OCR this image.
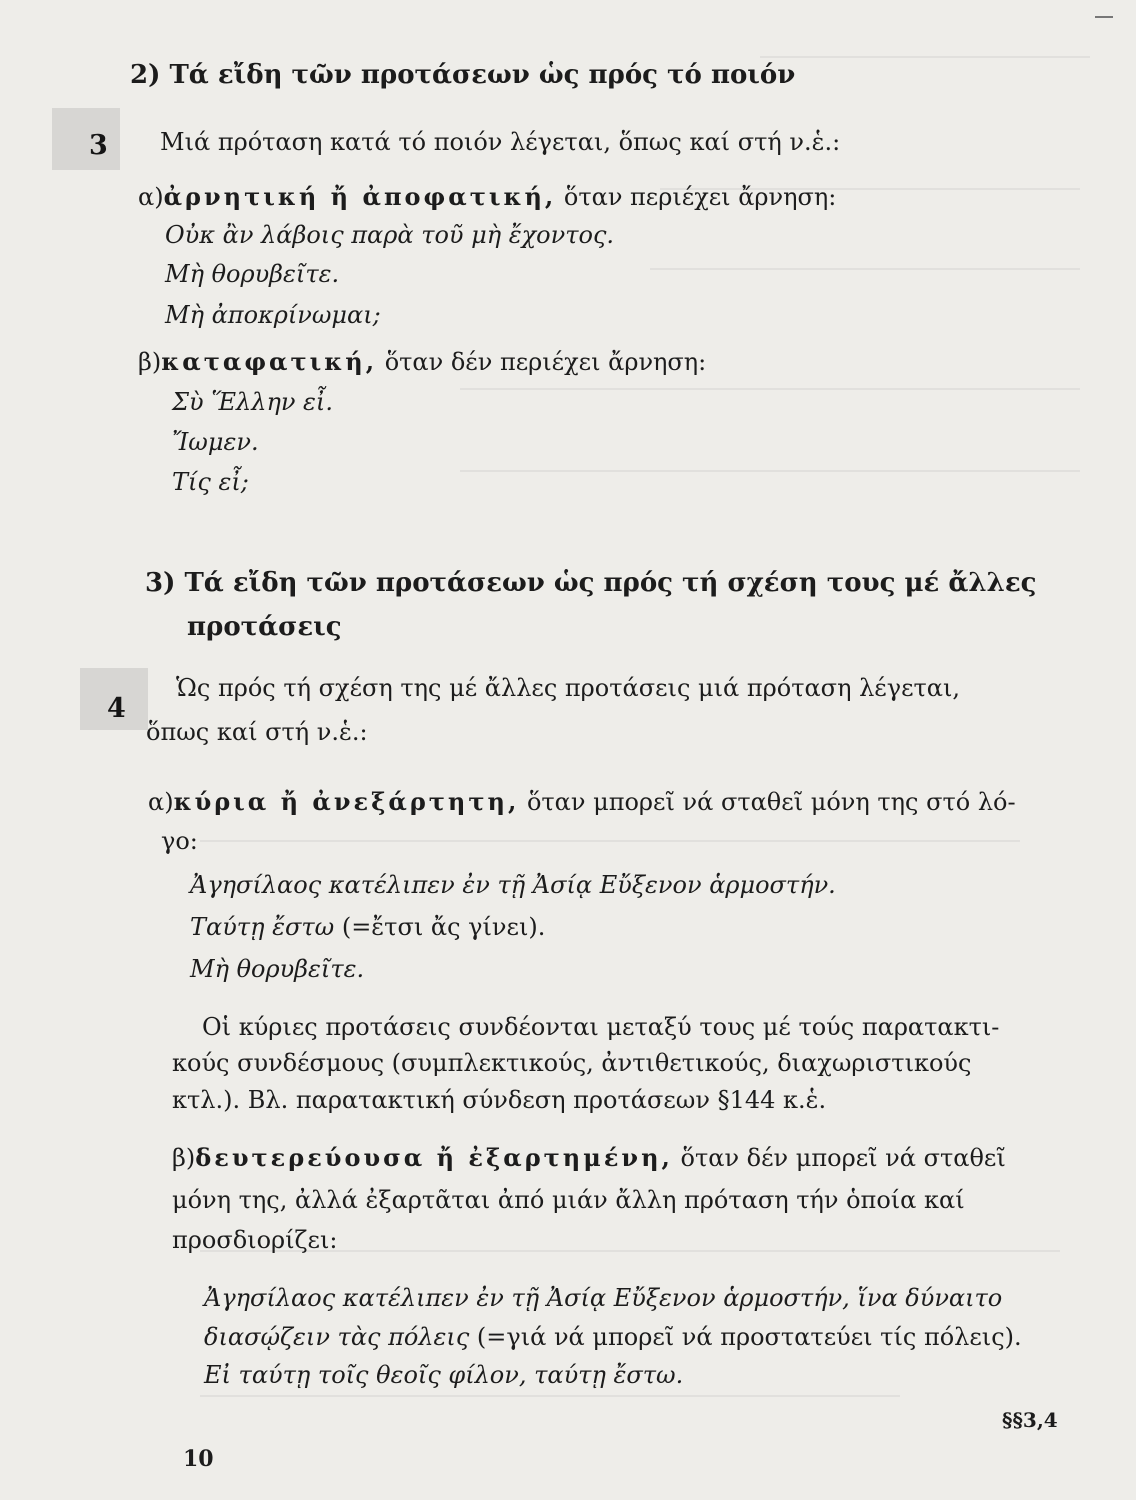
2) Τά εἴδη τῶν προτάσεων ὡς πρός τό ποιόν
3 Μιά πρόταση κατά τό ποιόν λέγεται, ὅπως καί στή ν.ἑ.:
α)ἀρνητική ἤ ἀποφατική, ὅταν περιέχει ἄρνηση:
Οὐκ ἂν λάβοις παρὰ τοῦ μὴ ἔχοντος.
Μὴ θορυβεῖτε.
Μὴ ἀποκρίνωμαι;
β)καταφατική, ὅταν δέν περιέχει ἄρνηση:
Σὺ Ἕλλην εἶ.
Ἴωμεν.
Τίς εἶ;
3) Τά εἴδη τῶν προτάσεων ὡς πρός τή σχέση τους μέ ἄλλες
προτάσεις
4
Ὡς πρός τή σχέση της μέ ἄλλες προτάσεις μιά πρόταση λέγεται,
ὅπως καί στή ν.ἑ.:
α)κύρια ἤ ἀνεξάρτητη, ὅταν μπορεῖ νά σταθεῖ μόνη της στό λό-
γο:
Ἀγησίλαος κατέλιπεν ἐν τῇ Ἀσίᾳ Εὔξενον ἁρμοστήν.
Ταύτῃ ἔστω (=ἔτσι ἄς γίνει).
Μὴ θορυβεῖτε.
Οἱ κύριες προτάσεις συνδέονται μεταξύ τους μέ τούς παρατακτι-
κούς συνδέσμους (συμπλεκτικούς, ἀντιθετικούς, διαχωριστικούς
κτλ.). Βλ. παρατακτική σύνδεση προτάσεων §144 κ.ἑ.
β)δευτερεύουσα ἤ ἐξαρτημένη, ὅταν δέν μπορεῖ νά σταθεῖ
μόνη της, ἀλλά ἐξαρτᾶται ἀπό μιάν ἄλλη πρόταση τήν ὁποία καί
προσδιορίζει:
Ἀγησίλαος κατέλιπεν ἐν τῇ Ἀσίᾳ Εὔξενον ἁρμοστήν, ἵνα δύναιτο
διασῴζειν τὰς πόλεις (=γιά νά μπορεῖ νά προστατεύει τίς πόλεις).
Εἰ ταύτῃ τοῖς θεοῖς φίλον, ταύτῃ ἔστω.
10
§§3,4
